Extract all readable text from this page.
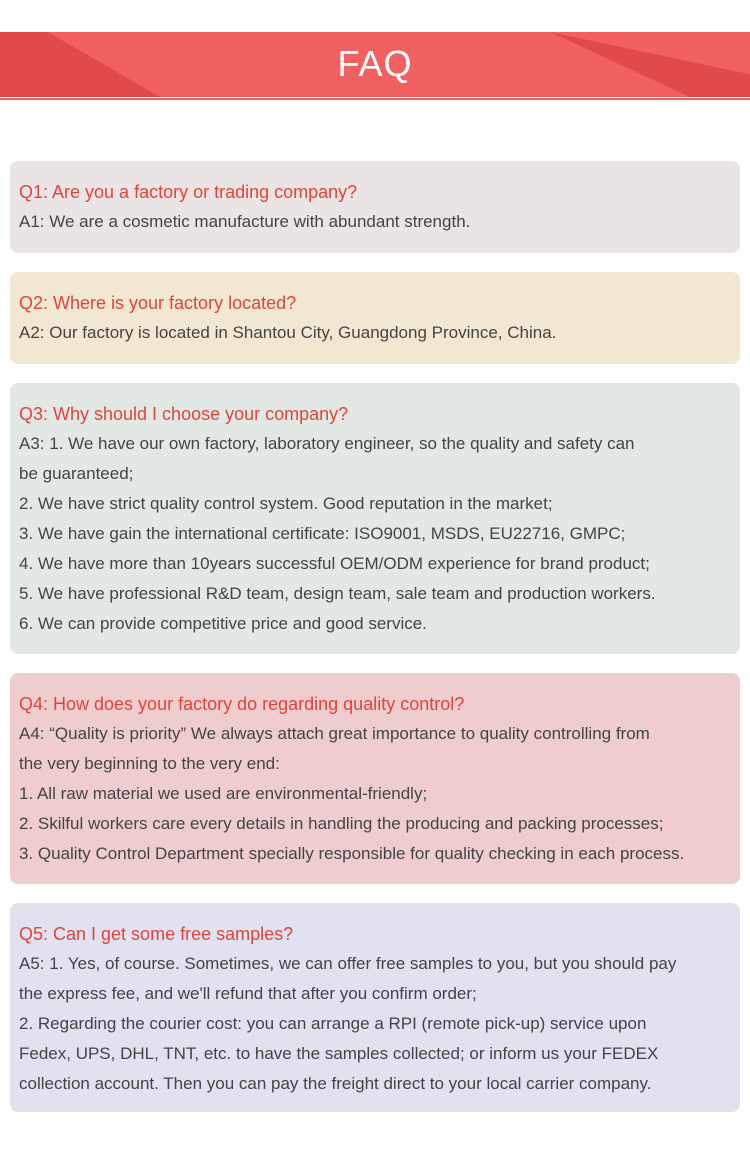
FAQ
Q1: Are you a factory or trading company?
A1: We are a cosmetic manufacture with abundant strength.
Q2: Where is your factory located?
A2: Our factory is located in Shantou City, Guangdong Province, China.
Q3: Why should I choose your company?
A3: 1. We have our own factory, laboratory engineer, so the quality and safety can
be guaranteed;
2. We have strict quality control system. Good reputation in the market;
3. We have gain the international certificate: ISO9001, MSDS, EU22716, GMPC;
4. We have more than 10years successful OEM/ODM experience for brand product;
5. We have professional R&D team, design team, sale team and production workers.
6. We can provide competitive price and good service.
Q4: How does your factory do regarding quality control?
A4: “Quality is priority” We always attach great importance to quality controlling from
the very beginning to the very end:
1. All raw material we used are environmental-friendly;
2. Skilful workers care every details in handling the producing and packing processes;
3. Quality Control Department specially responsible for quality checking in each process.
Q5: Can I get some free samples?
A5: 1. Yes, of course. Sometimes, we can offer free samples to you, but you should pay
the express fee, and we'll refund that after you confirm order;
2. Regarding the courier cost: you can arrange a RPI (remote pick-up) service upon
Fedex, UPS, DHL, TNT, etc. to have the samples collected; or inform us your FEDEX
collection account. Then you can pay the freight direct to your local carrier company.
